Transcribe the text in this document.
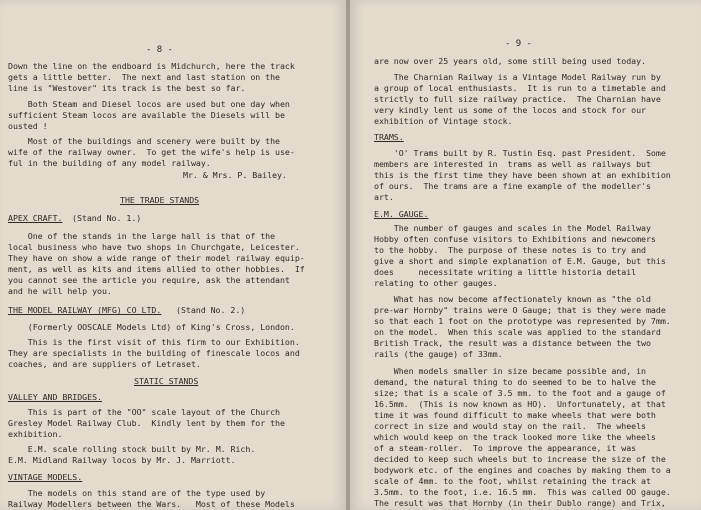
- 8 -
Down the line on the endboard is Midchurch, here the track
gets a little better.  The next and last station on the
line is "Westover" its track is the best so far.
Both Steam and Diesel locos are used but one day when
sufficient Steam locos are available the Diesels will be
ousted !
Most of the buildings and scenery were built by the
wife of the railway owner.  To get the wife's help is use-
ful in the building of any model railway.
Mr. & Mrs. P. Bailey.
THE TRADE STANDS
APEX CRAFT. (Stand No. 1.)
One of the stands in the large hall is that of the
local business who have two shops in Churchgate, Leicester.
They have on show a wide range of their model railway equip-
ment, as well as kits and items allied to other hobbies.  If
you cannot see the article you require, ask the attendant
and he will help you.
THE MODEL RAILWAY (MFG) CO LTD. (Stand No. 2.)
(Formerly OOSCALE Models Ltd) of King's Cross, London.
This is the first visit of this firm to our Exhibition.
They are specialists in the building of finescale locos and
coaches, and are suppliers of Letraset.
STATIC STANDS
VALLEY AND BRIDGES.
This is part of the "OO" scale layout of the Church
Gresley Model Railway Club.  Kindly lent by them for the
exhibition.
E.M. scale rolling stock built by Mr. M. Rich.
E.M. Midland Railway locos by Mr. J. Marriott.
VINTAGE MODELS.
The models on this stand are of the type used by
Railway Modellers between the Wars.   Most of these Models
- 9 -
are now over 25 years old, some still being used today.
The Charnian Railway is a Vintage Model Railway run by
a group of local enthusiasts.  It is run to a timetable and
strictly to full size railway practice.  The Charnian have
very kindly lent us some of the locos and stock for our
exhibition of Vintage stock.
TRAMS.
'O' Trams built by R. Tustin Esq. past President.  Some
members are interested in  trams as well as railways but
this is the first time they have been shown at an exhibition
of ours.  The trams are a fine example of the modeller's
art.
E.M. GAUGE.
The number of gauges and scales in the Model Railway
Hobby often confuse visitors to Exhibitions and newcomers
to the hobby.  The purpose of these notes is to try and
give a short and simple explanation of E.M. Gauge, but this
does     necessitate writing a little historia detail
relating to other gauges.
What has now become affectionately known as "the old
pre-war Hornby" trains were O Gauge; that is they were made
so that each 1 foot on the prototype was represented by 7mm.
on the model.  When this scale was applied to the standard
British Track, the result was a distance between the two
rails (the gauge) of 33mm.
When models smaller in size became possible and, in
demand, the natural thing to do seemed to be to halve the
size; that is a scale of 3.5 mm. to the foot and a gauge of
16.5mm.  (This is now known as HO).  Unfortunately, at that
time it was found difficult to make wheels that were both
correct in size and would stay on the rail.  The wheels
which would keep on the track looked more like the wheels
of a steam-roller.  To improve the appearance, it was
decided to keep such wheels but to increase the size of the
bodywork etc. of the engines and coaches by making them to a
scale of 4mm. to the foot, whilst retaining the track at
3.5mm. to the foot, i.e. 16.5 mm.  This was called OO gauge.
The result was that Hornby (in their Dublo range) and Trix,
